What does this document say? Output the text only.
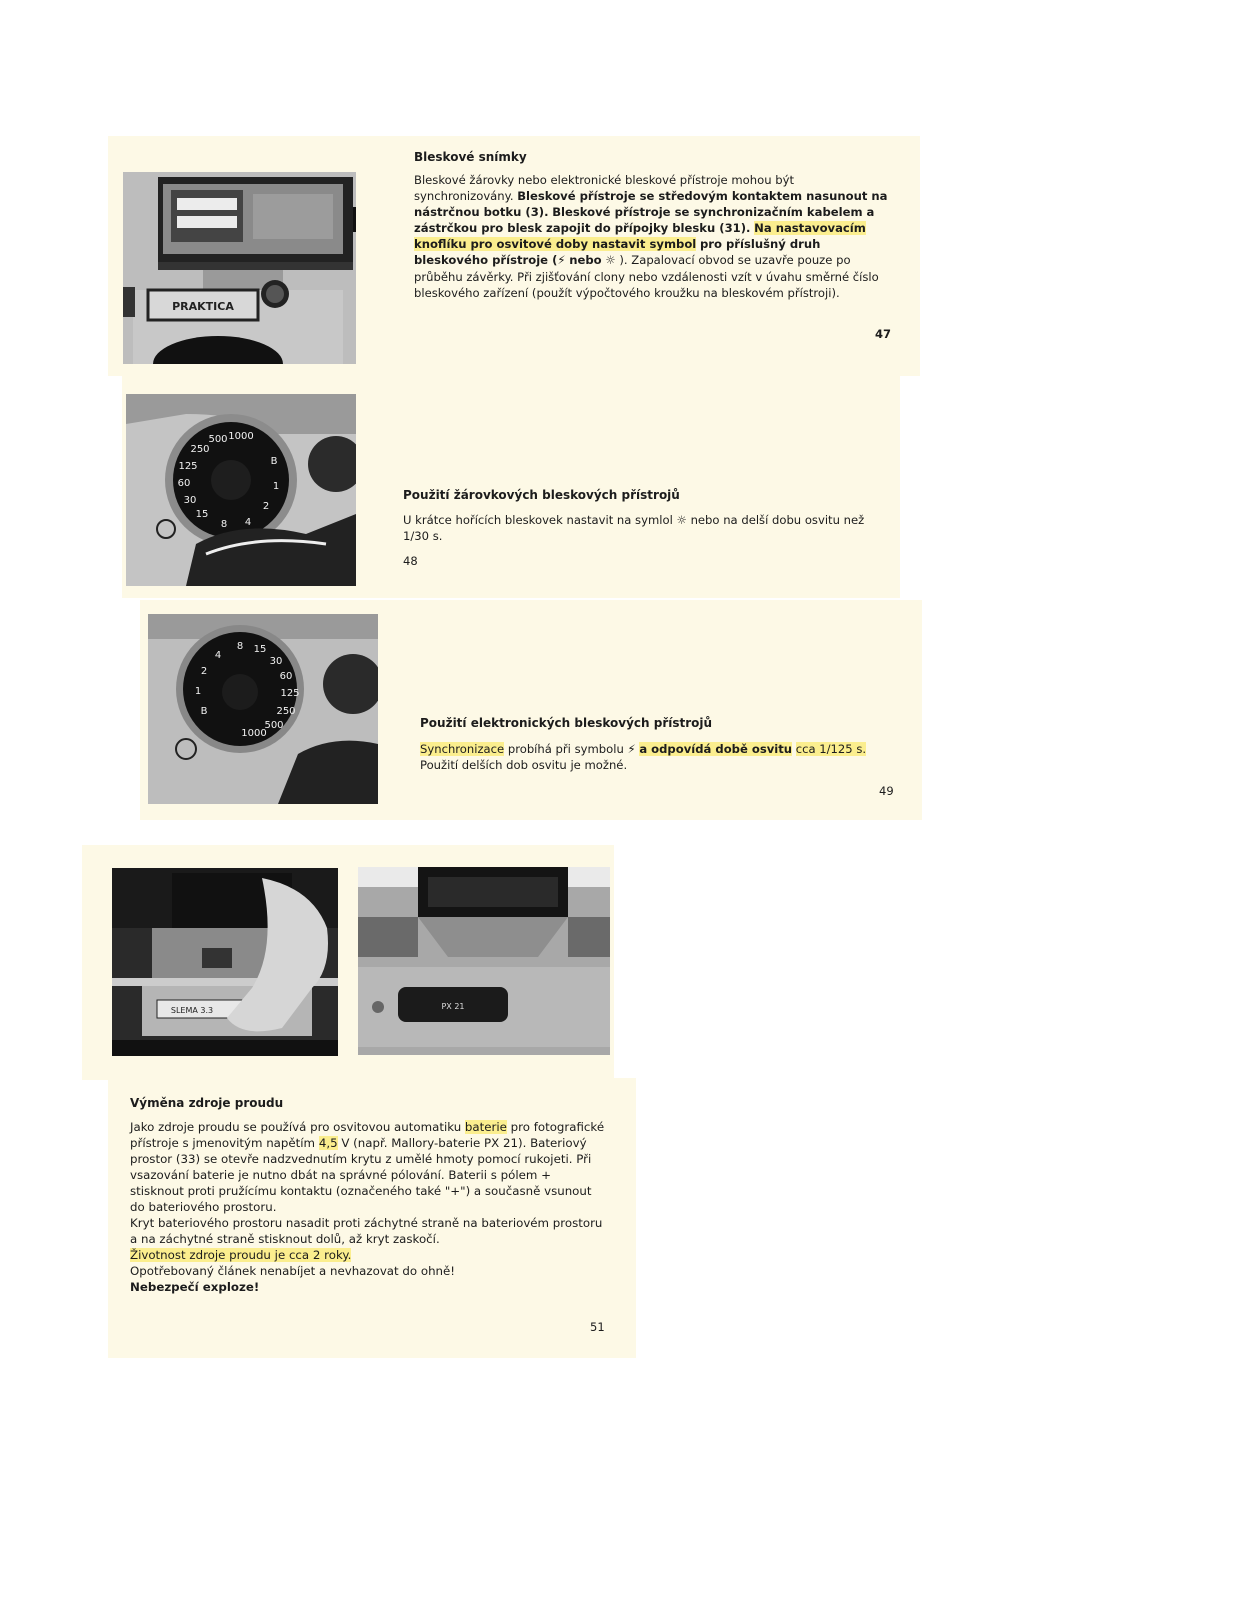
PRAKTICA
1000
500
250
125
60
30
15
8 4
2
1
B
8 15
30
60
125
250
500
1000
B
1
2
4
SLEMA 3.3	PX 21

Bleskové snímky

Bleskové žárovky nebo elektronické bleskové přístroje mohou být synchronizovány. Bleskové přístroje se středovým kontaktem nasunout na nástrčnou botku (3). Bleskové přístroje se synchronizačním kabelem a zástrčkou pro blesk zapojit do přípojky blesku (31). Na nastavovacím knoflíku pro osvitové doby nastavit symbol pro příslušný druh bleskového přístroje (⚡ nebo ☼ ). Zapalovací obvod se uzavře pouze po průběhu závěrky. Při zjišťování clony nebo vzdálenosti vzít v úvahu směrné číslo bleskového zařízení (použít výpočtového kroužku na bleskovém přístroji).

47

Použití žárovkových bleskových přístrojů

U krátce hořících bleskovek nastavit na symlol ☼ nebo na delší dobu osvitu než 1/30 s.

48

Použití elektronických bleskových přístrojů

Synchronizace probíhá při symbolu ⚡ a odpovídá době osvitu cca 1/125 s. Použití delších dob osvitu je možné.

49

Výměna zdroje proudu

Jako zdroje proudu se používá pro osvitovou automatiku baterie pro fotografické přístroje s jmenovitým napětím 4,5 V (např. Mallory-baterie PX 21). Bateriový prostor (33) se otevře nadzvednutím krytu z umělé hmoty pomocí rukojeti. Při vsazování baterie je nutno dbát na správné pólování. Baterii s pólem + stisknout proti pružícímu kontaktu (označeného také "+") a současně vsunout do bateriového prostoru.
Kryt bateriového prostoru nasadit proti záchytné straně na bateriovém prostoru a na záchytné straně stisknout dolů, až kryt zaskočí.
Životnost zdroje proudu je cca 2 roky.
Opotřebovaný článek nenabíjet a nevhazovat do ohně!
Nebezpečí exploze!
51
